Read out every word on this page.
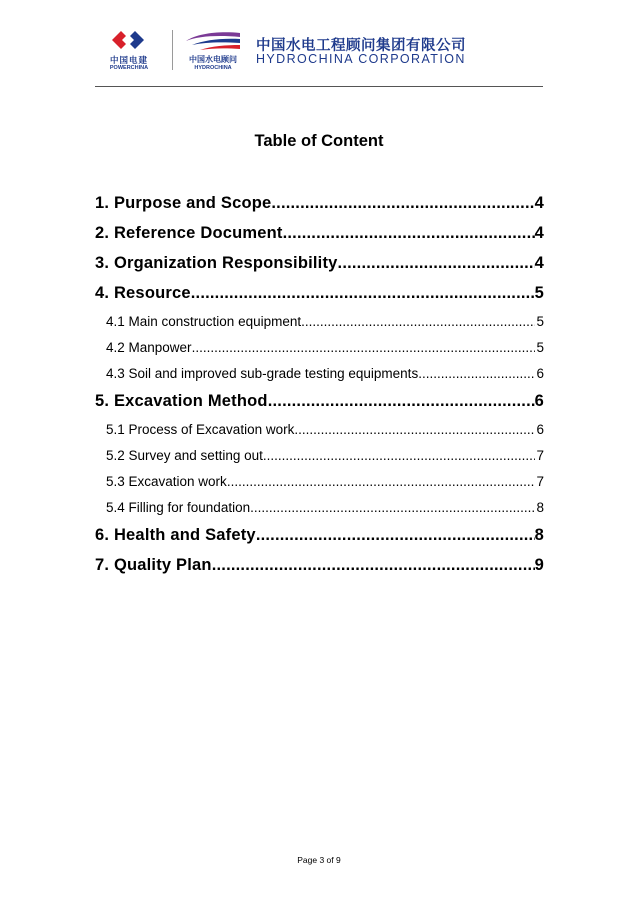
中国电建
POWERCHINA
中国水电顾问
HYDROCHINA
中国水电工程顾问集团有限公司
HYDROCHINA CORPORATION
Table of Content
1. Purpose and Scope .....	4
2. Reference Document .....	4
3. Organization Responsibility .....	4
4. Resource .....	5
4.1 Main construction equipment .....	5
4.2 Manpower .....	5
4.3 Soil and improved sub-grade testing equipments .....	6
5. Excavation Method .....	6
5.1 Process of Excavation work .....	6
5.2 Survey and setting out .....	7
5.3 Excavation work .....	7
5.4 Filling for foundation .....	8
6. Health and Safety .....	8
7. Quality Plan .....	9
Page 3 of 9
